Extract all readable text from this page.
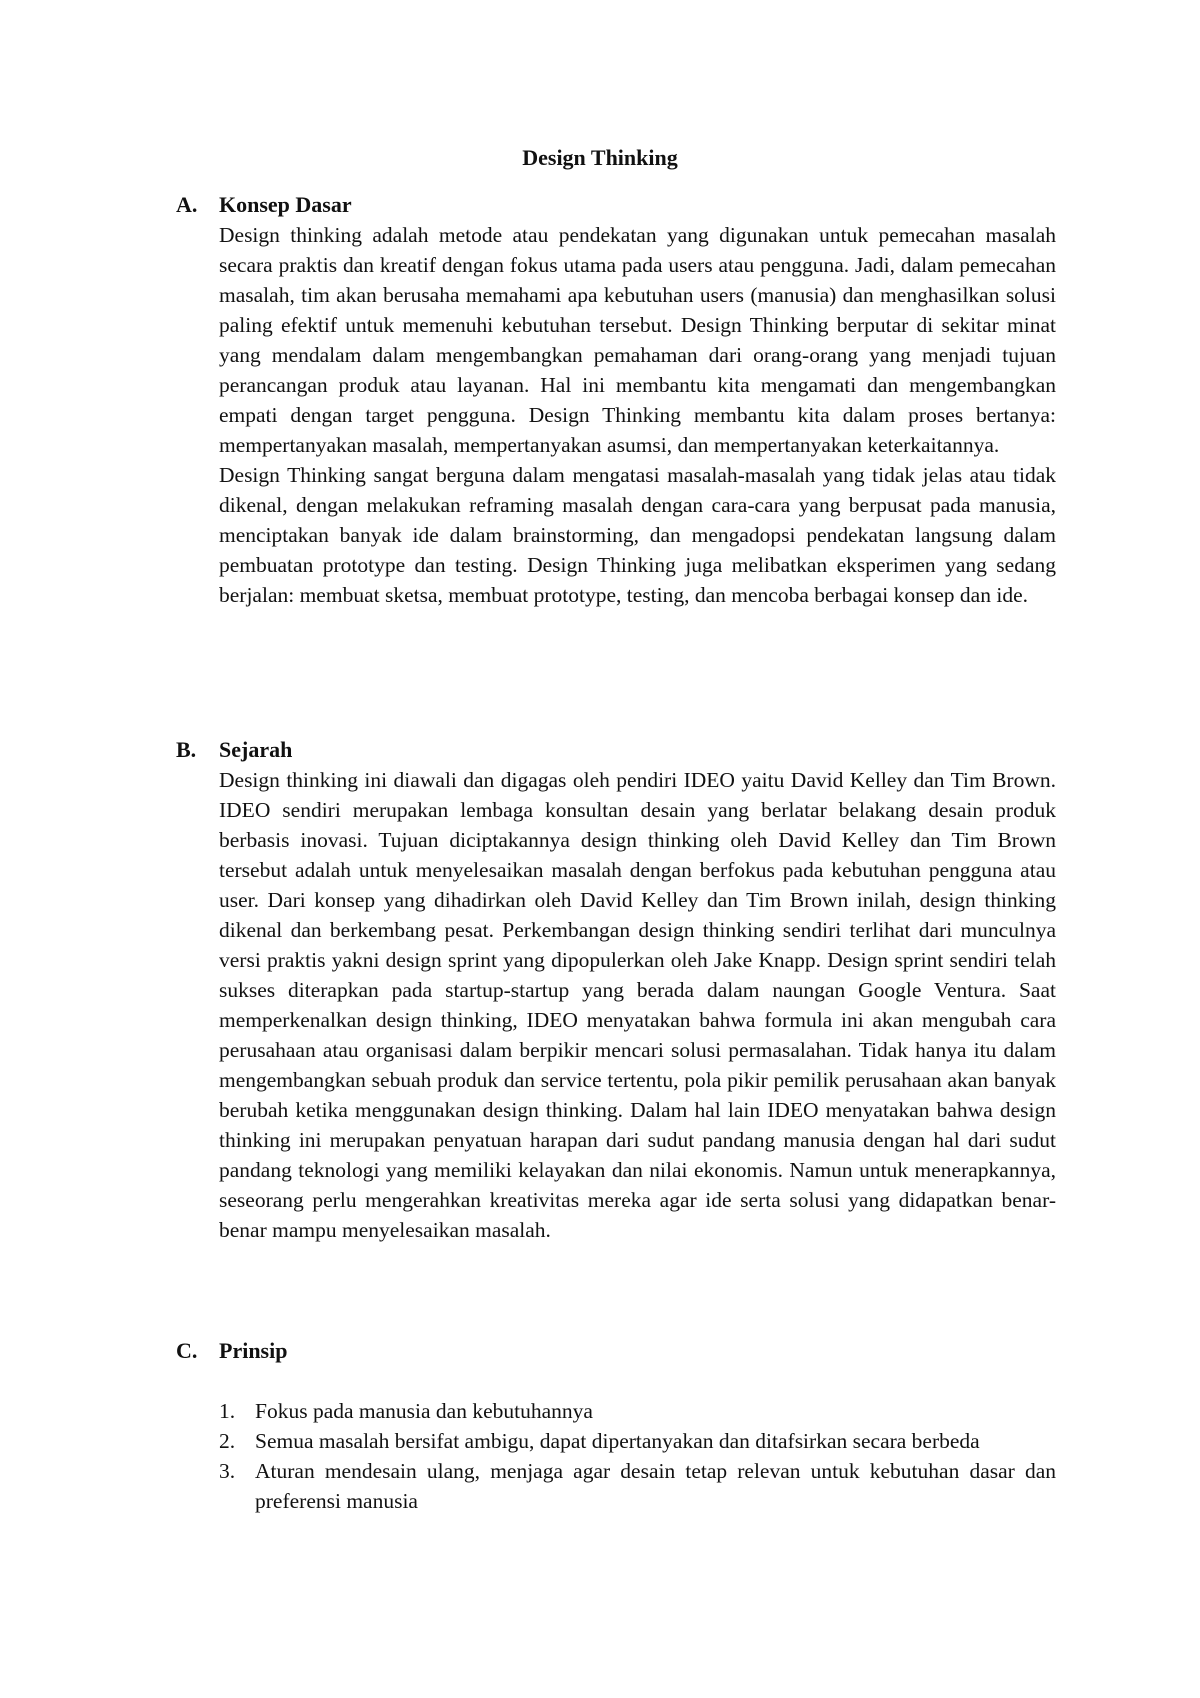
Design Thinking
A. Konsep Dasar

Design thinking adalah metode atau pendekatan yang digunakan untuk pemecahan masalah secara praktis dan kreatif dengan fokus utama pada users atau pengguna. Jadi, dalam pemecahan masalah, tim akan berusaha memahami apa kebutuhan users (manusia) dan menghasilkan solusi paling efektif untuk memenuhi kebutuhan tersebut. Design Thinking berputar di sekitar minat yang mendalam dalam mengembangkan pemahaman dari orang-orang yang menjadi tujuan perancangan produk atau layanan. Hal ini membantu kita mengamati dan mengembangkan empati dengan target pengguna. Design Thinking membantu kita dalam proses bertanya: mempertanyakan masalah, mempertanyakan asumsi, dan mempertanyakan keterkaitannya.

Design Thinking sangat berguna dalam mengatasi masalah-masalah yang tidak jelas atau tidak dikenal, dengan melakukan reframing masalah dengan cara-cara yang berpusat pada manusia, menciptakan banyak ide dalam brainstorming, dan mengadopsi pendekatan langsung dalam pembuatan prototype dan testing. Design Thinking juga melibatkan eksperimen yang sedang berjalan: membuat sketsa, membuat prototype, testing, dan mencoba berbagai konsep dan ide.

B. Sejarah

Design thinking ini diawali dan digagas oleh pendiri IDEO yaitu David Kelley dan Tim Brown. IDEO sendiri merupakan lembaga konsultan desain yang berlatar belakang desain produk berbasis inovasi. Tujuan diciptakannya design thinking oleh David Kelley dan Tim Brown tersebut adalah untuk menyelesaikan masalah dengan berfokus pada kebutuhan pengguna atau user. Dari konsep yang dihadirkan oleh David Kelley dan Tim Brown inilah, design thinking dikenal dan berkembang pesat. Perkembangan design thinking sendiri terlihat dari munculnya versi praktis yakni design sprint yang dipopulerkan oleh Jake Knapp. Design sprint sendiri telah sukses diterapkan pada startup-startup yang berada dalam naungan Google Ventura. Saat memperkenalkan design thinking, IDEO menyatakan bahwa formula ini akan mengubah cara perusahaan atau organisasi dalam berpikir mencari solusi permasalahan. Tidak hanya itu dalam mengembangkan sebuah produk dan service tertentu, pola pikir pemilik perusahaan akan banyak berubah ketika menggunakan design thinking. Dalam hal lain IDEO menyatakan bahwa design thinking ini merupakan penyatuan harapan dari sudut pandang manusia dengan hal dari sudut pandang teknologi yang memiliki kelayakan dan nilai ekonomis. Namun untuk menerapkannya, seseorang perlu mengerahkan kreativitas mereka agar ide serta solusi yang didapatkan benar-benar mampu menyelesaikan masalah.

C. Prinsip
1. Fokus pada manusia dan kebutuhannya
2. Semua masalah bersifat ambigu, dapat dipertanyakan dan ditafsirkan secara berbeda
3. Aturan mendesain ulang, menjaga agar desain tetap relevan untuk kebutuhan dasar dan preferensi manusia
